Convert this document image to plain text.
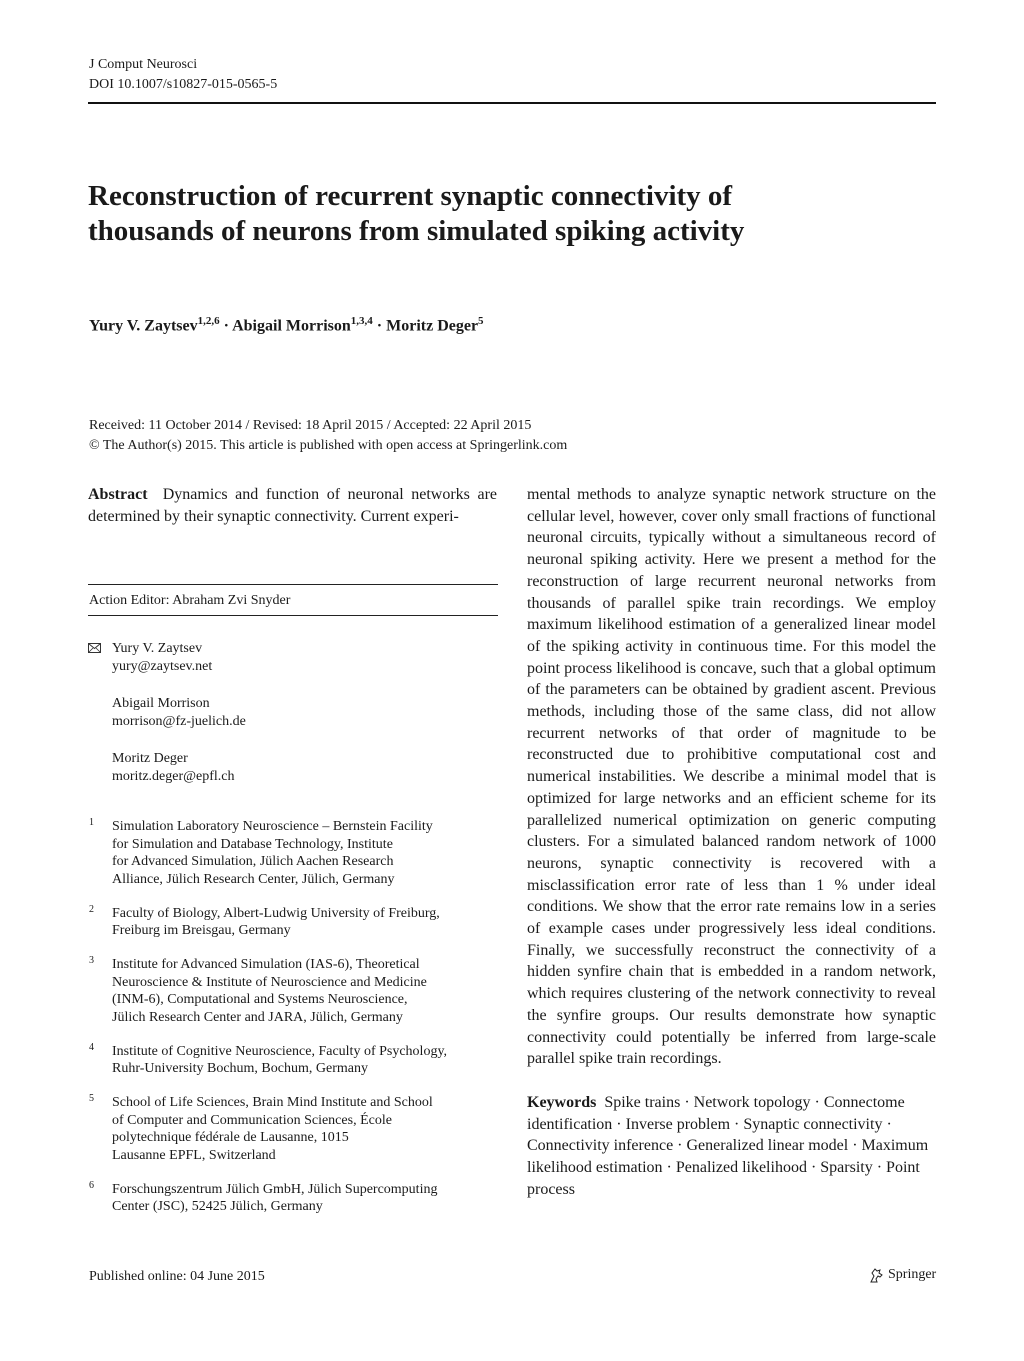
J Comput Neurosci
DOI 10.1007/s10827-015-0565-5
Reconstruction of recurrent synaptic connectivity of thousands of neurons from simulated spiking activity
Yury V. Zaytsev$^{1,2,6}$ · Abigail Morrison$^{1,3,4}$ · Moritz Deger$^5$
Received: 11 October 2014 / Revised: 18 April 2015 / Accepted: 22 April 2015
© The Author(s) 2015. This article is published with open access at Springerlink.com

Abstract Dynamics and function of neuronal networks are determined by their synaptic connectivity. Current experi-

Action Editor: Abraham Zvi Snyder
Yury V. Zaytsev
yury@zaytsev.net
Abigail Morrison
morrison@fz-juelich.de
Moritz Deger
moritz.deger@epfl.ch
1 Simulation Laboratory Neuroscience – Bernstein Facility
for Simulation and Database Technology, Institute
for Advanced Simulation, Jülich Aachen Research
Alliance, Jülich Research Center, Jülich, Germany
2 Faculty of Biology, Albert-Ludwig University of Freiburg,
Freiburg im Breisgau, Germany
3 Institute for Advanced Simulation (IAS-6), Theoretical
Neuroscience & Institute of Neuroscience and Medicine
(INM-6), Computational and Systems Neuroscience,
Jülich Research Center and JARA, Jülich, Germany
4 Institute of Cognitive Neuroscience, Faculty of Psychology,
Ruhr-University Bochum, Bochum, Germany
5 School of Life Sciences, Brain Mind Institute and School
of Computer and Communication Sciences, École
polytechnique fédérale de Lausanne, 1015
Lausanne EPFL, Switzerland
6 Forschungszentrum Jülich GmbH, Jülich Supercomputing
Center (JSC), 52425 Jülich, Germany

mental methods to analyze synaptic network structure on the cellular level, however, cover only small fractions of functional neuronal circuits, typically without a simultaneous record of neuronal spiking activity. Here we present a method for the reconstruction of large recurrent neuronal networks from thousands of parallel spike train recordings. We employ maximum likelihood estimation of a generalized linear model of the spiking activity in continuous time. For this model the point process likelihood is concave, such that a global optimum of the parameters can be obtained by gradient ascent. Previous methods, including those of the same class, did not allow recurrent networks of that order of magnitude to be reconstructed due to prohibitive computational cost and numerical instabilities. We describe a minimal model that is optimized for large networks and an efficient scheme for its parallelized numerical optimization on generic computing clusters. For a simulated balanced random network of 1000 neurons, synaptic connectivity is recovered with a misclassification error rate of less than 1 % under ideal conditions. We show that the error rate remains low in a series of example cases under progressively less ideal conditions. Finally, we successfully reconstruct the connectivity of a hidden synfire chain that is embedded in a random network, which requires clustering of the network connectivity to reveal the synfire groups. Our results demonstrate how synaptic connectivity could potentially be inferred from large-scale parallel spike train recordings.

Keywords Spike trains · Network topology · Connectome identification · Inverse problem · Synaptic connectivity · Connectivity inference · Generalized linear model · Maximum likelihood estimation · Penalized likelihood · Sparsity · Point process
Published online: 04 June 2015	Springer
